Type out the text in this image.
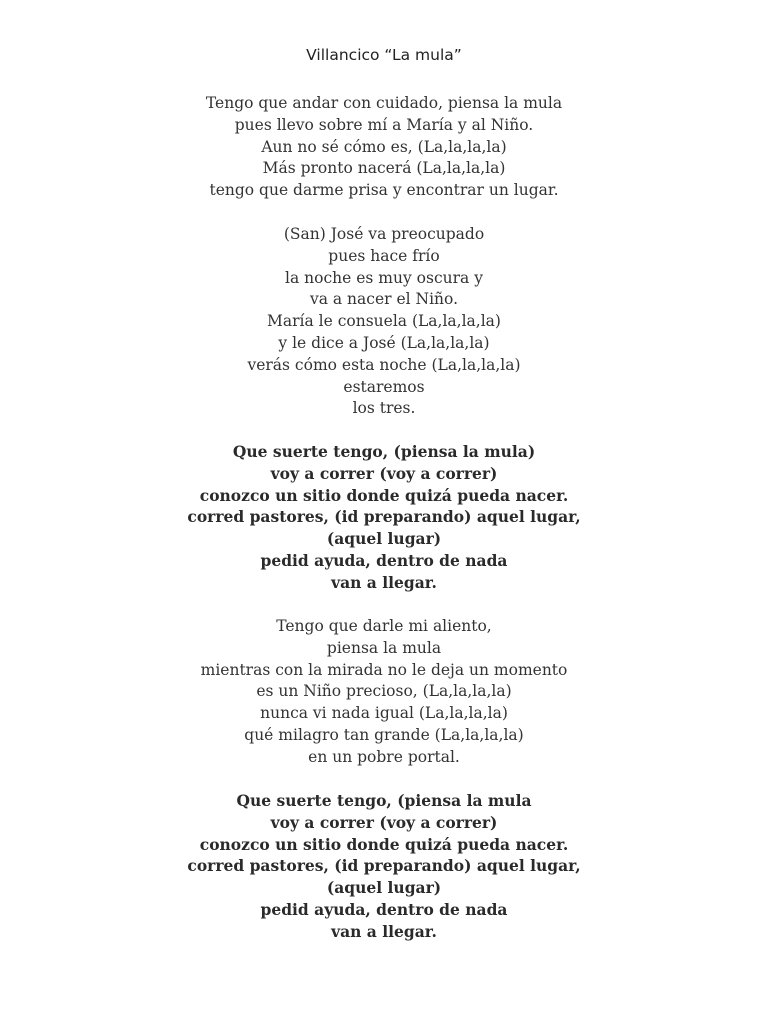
Villancico “La mula”
Tengo que andar con cuidado, piensa la mula
pues llevo sobre mí a María y al Niño.
Aun no sé cómo es, (La,la,la,la)
Más pronto nacerá (La,la,la,la)
tengo que darme prisa y encontrar un lugar.
(San) José va preocupado
pues hace frío
la noche es muy oscura y
va a nacer el Niño.
María le consuela (La,la,la,la)
y le dice a José (La,la,la,la)
verás cómo esta noche (La,la,la,la)
estaremos
los tres.
Que suerte tengo, (piensa la mula)
voy a correr (voy a correr)
conozco un sitio donde quizá pueda nacer.
corred pastores, (id preparando) aquel lugar,
(aquel lugar)
pedid ayuda, dentro de nada
van a llegar.
Tengo que darle mi aliento,
piensa la mula
mientras con la mirada no le deja un momento
es un Niño precioso, (La,la,la,la)
nunca vi nada igual (La,la,la,la)
qué milagro tan grande (La,la,la,la)
en un pobre portal.
Que suerte tengo, (piensa la mula
voy a correr (voy a correr)
conozco un sitio donde quizá pueda nacer.
corred pastores, (id preparando) aquel lugar,
(aquel lugar)
pedid ayuda, dentro de nada
van a llegar.
